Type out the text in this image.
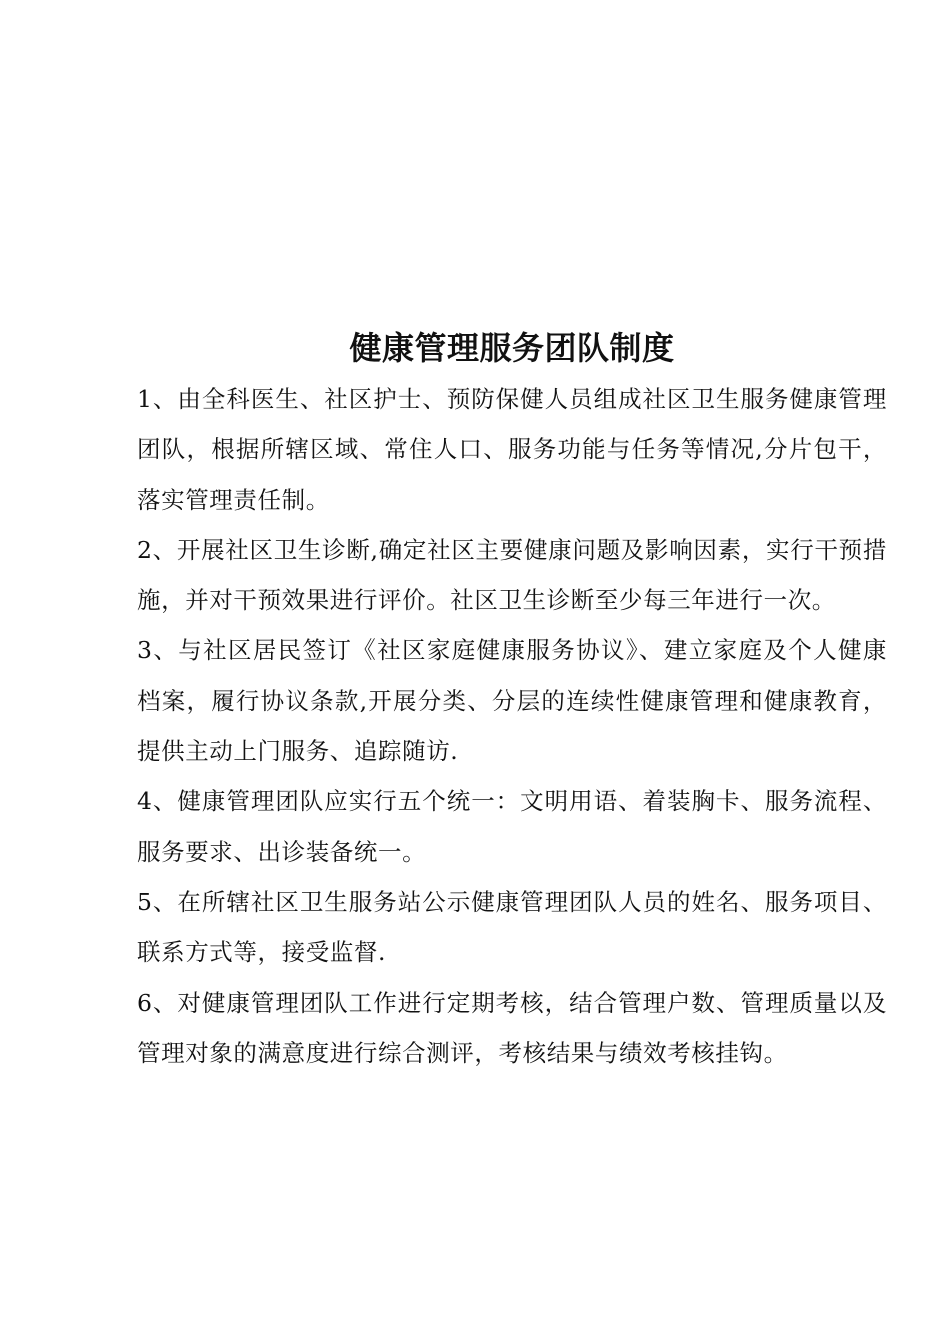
健康管理服务团队制度

1、由全科医生、社区护士、预防保健人员组成社区卫生服务健康管理团队，根据所辖区域、常住人口、服务功能与任务等情况,分片包干，落实管理责任制。

2、开展社区卫生诊断,确定社区主要健康问题及影响因素，实行干预措施，并对干预效果进行评价。社区卫生诊断至少每三年进行一次。

3、与社区居民签订《社区家庭健康服务协议》、建立家庭及个人健康档案，履行协议条款,开展分类、分层的连续性健康管理和健康教育，提供主动上门服务、追踪随访.

4、健康管理团队应实行五个统一：文明用语、着装胸卡、服务流程、服务要求、出诊装备统一。

5、在所辖社区卫生服务站公示健康管理团队人员的姓名、服务项目、联系方式等，接受监督.

6、对健康管理团队工作进行定期考核，结合管理户数、管理质量以及管理对象的满意度进行综合测评，考核结果与绩效考核挂钩。
